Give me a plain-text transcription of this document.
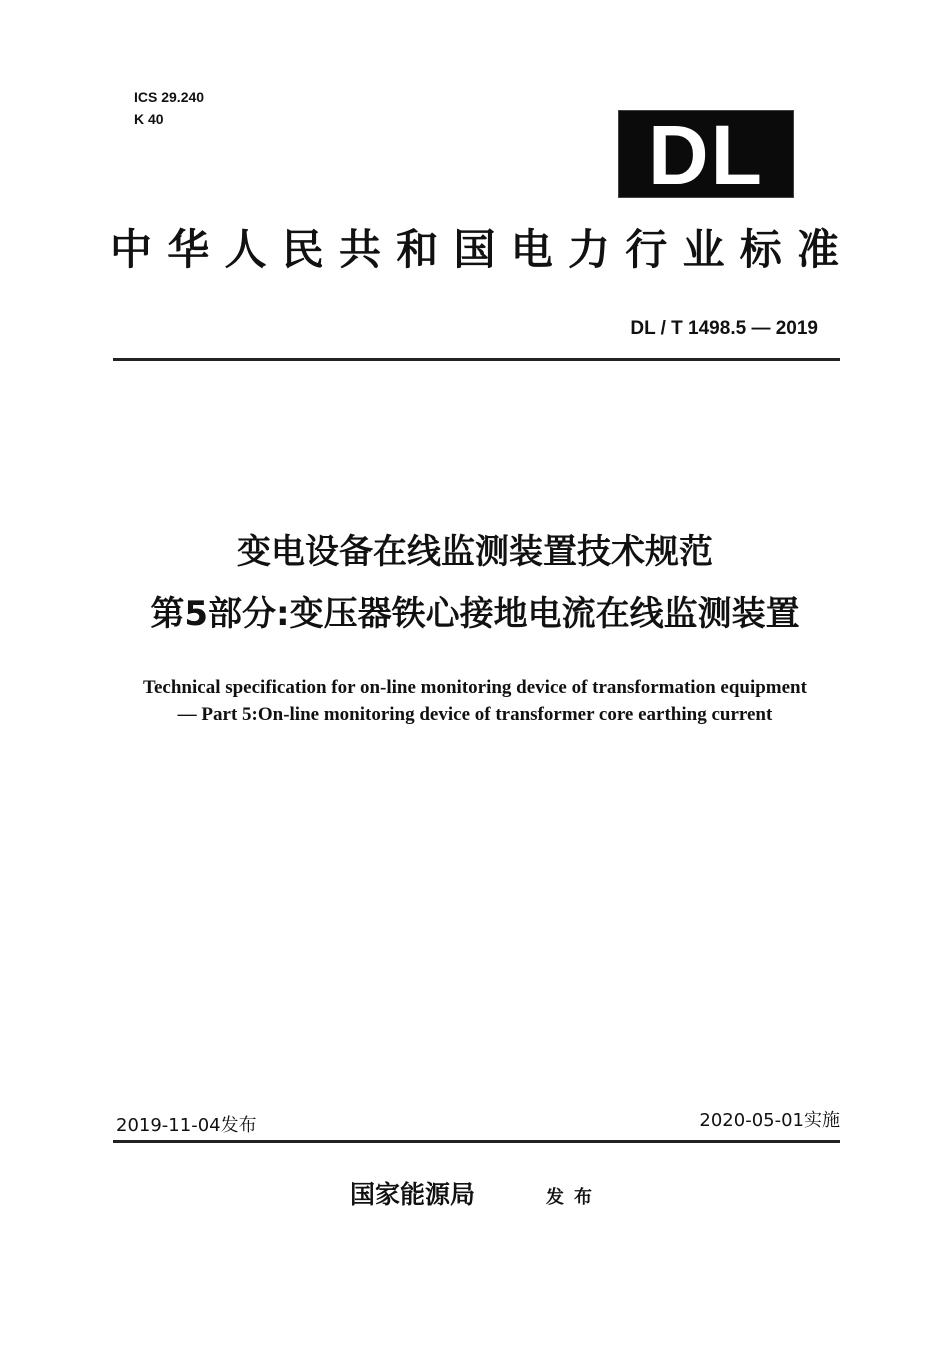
ICS 29.240
K 40	DL
中华人民共和国电力行业标准
DL / T 1498.5 — 2019
变电设备在线监测装置技术规范
第5部分:变压器铁心接地电流在线监测装置
Technical specification for on-line monitoring device of transformation equipment
— Part 5:On-line monitoring device of transformer core earthing current
2019-11-04发布	2020-05-01实施
国家能源局	发布
